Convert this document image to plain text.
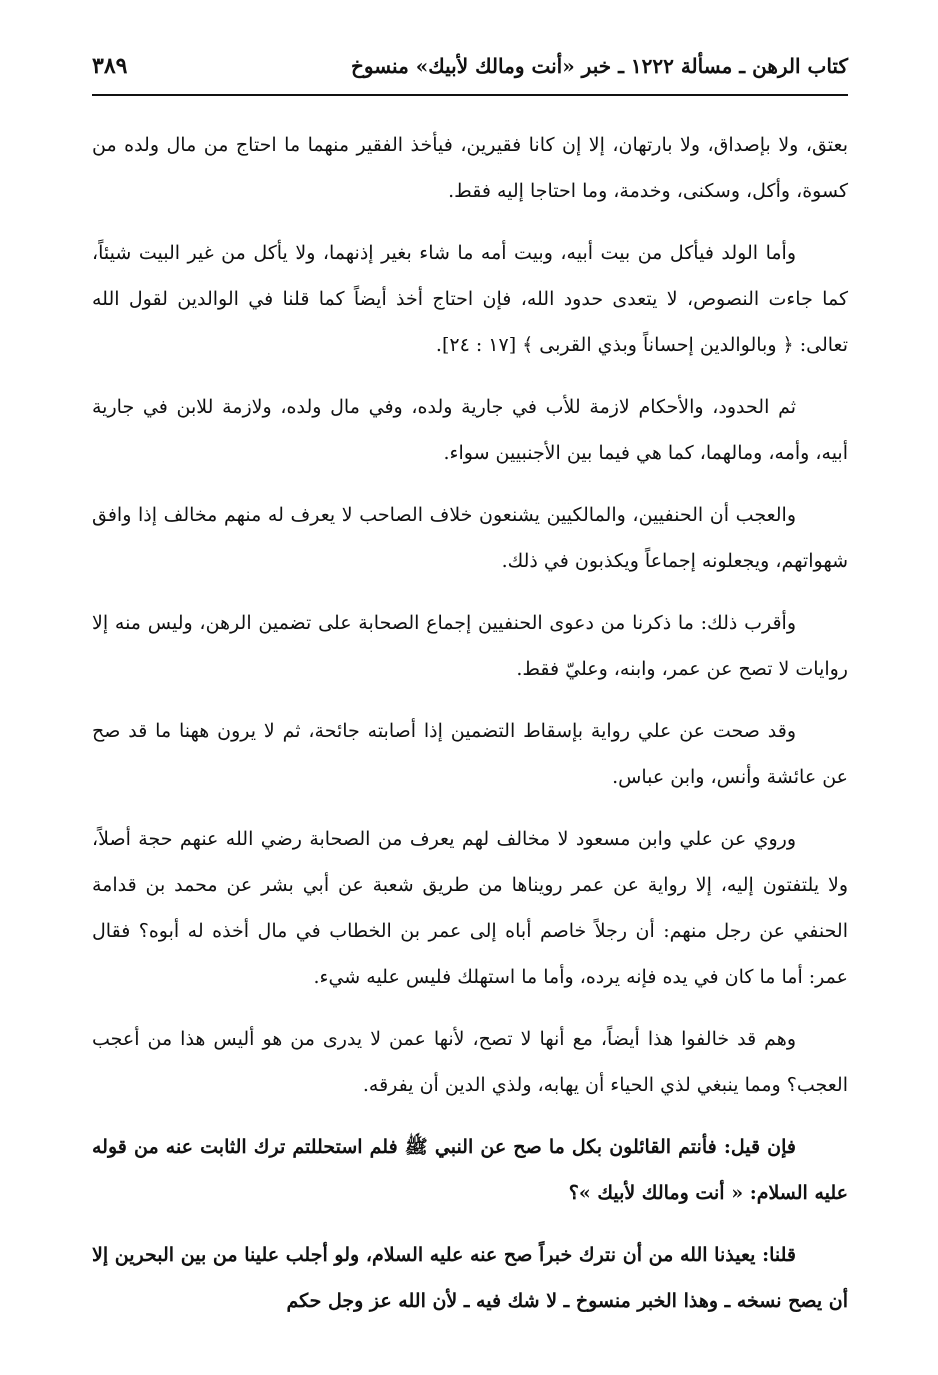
كتاب الرهن ـ مسألة ١٢٢٢ ـ خبر «أنت ومالك لأبيك» منسوخ
٣٨٩

بعتق، ولا بإصداق، ولا بارتهان، إلا إن كانا فقيرين، فيأخذ الفقير منهما ما احتاج من مال ولده من كسوة، وأكل، وسكنى، وخدمة، وما احتاجا إليه فقط.

وأما الولد فيأكل من بيت أبيه، وبيت أمه ما شاء بغير إذنهما، ولا يأكل من غير البيت شيئاً، كما جاءت النصوص، لا يتعدى حدود الله، فإن احتاج أخذ أيضاً كما قلنا في الوالدين لقول الله تعالى: ﴿ وبالوالدين إحساناً وبذي القربى ﴾ [١٧ : ٢٤].

ثم الحدود، والأحكام لازمة للأب في جارية ولده، وفي مال ولده، ولازمة للابن في جارية أبيه، وأمه، ومالهما، كما هي فيما بين الأجنبيين سواء.

والعجب أن الحنفيين، والمالكيين يشنعون خلاف الصاحب لا يعرف له منهم مخالف إذا وافق شهواتهم، ويجعلونه إجماعاً ويكذبون في ذلك.

وأقرب ذلك: ما ذكرنا من دعوى الحنفيين إجماع الصحابة على تضمين الرهن، وليس منه إلا روايات لا تصح عن عمر، وابنه، وعليّ فقط.

وقد صحت عن علي رواية بإسقاط التضمين إذا أصابته جائحة، ثم لا يرون ههنا ما قد صح عن عائشة وأنس، وابن عباس.

وروي عن علي وابن مسعود لا مخالف لهم يعرف من الصحابة رضي الله عنهم حجة أصلاً، ولا يلتفتون إليه، إلا رواية عن عمر رويناها من طريق شعبة عن أبي بشر عن محمد بن قدامة الحنفي عن رجل منهم: أن رجلاً خاصم أباه إلى عمر بن الخطاب في مال أخذه له أبوه؟ فقال عمر: أما ما كان في يده فإنه يرده، وأما ما استهلك فليس عليه شيء.

وهم قد خالفوا هذا أيضاً، مع أنها لا تصح، لأنها عمن لا يدرى من هو أليس هذا من أعجب العجب؟ ومما ينبغي لذي الحياء أن يهابه، ولذي الدين أن يفرقه.

فإن قيل: فأنتم القائلون بكل ما صح عن النبي ﷺ فلم استحللتم ترك الثابت عنه من قوله عليه السلام: « أنت ومالك لأبيك »؟

قلنا: يعيذنا الله من أن نترك خبراً صح عنه عليه السلام، ولو أجلب علينا من بين البحرين إلا أن يصح نسخه ـ وهذا الخبر منسوخ ـ لا شك فيه ـ لأن الله عز وجل حكم
